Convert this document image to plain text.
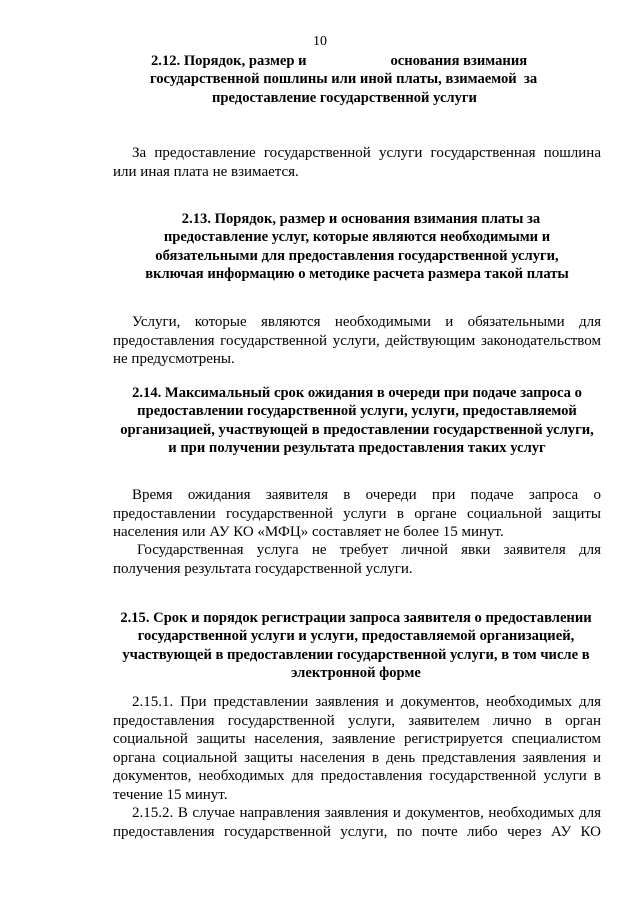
10
2.12. Порядок, размер и                       основания взимания
государственной пошлины или иной платы, взимаемой  за
предоставление государственной услуги
За предоставление государственной услуги государственная пошлина
или иная плата не взимается.
2.13. Порядок, размер и основания взимания платы за
предоставление услуг, которые являются необходимыми и
обязательными для предоставления государственной услуги,
включая информацию о методике расчета размера такой платы
Услуги, которые являются необходимыми и обязательными для
предоставления государственной услуги, действующим законодательством
не предусмотрены.
2.14. Максимальный срок ожидания в очереди при подаче запроса о
предоставлении государственной услуги, услуги, предоставляемой
организацией, участвующей в предоставлении государственной услуги,
и при получении результата предоставления таких услуг
Время ожидания заявителя в очереди при подаче запроса о
предоставлении государственной услуги в органе социальной защиты
населения или АУ КО «МФЦ» составляет не более 15 минут.
Государственная услуга не требует личной явки заявителя для
получения результата государственной услуги.
2.15. Срок и порядок регистрации запроса заявителя о предоставлении
государственной услуги и услуги, предоставляемой организацией,
участвующей в предоставлении государственной услуги, в том числе в
электронной форме
2.15.1. При представлении заявления и документов, необходимых для
предоставления государственной услуги, заявителем лично в орган
социальной защиты населения, заявление регистрируется специалистом
органа социальной защиты населения в день представления заявления и
документов, необходимых для предоставления государственной услуги в
течение 15 минут.
2.15.2. В случае направления заявления и документов, необходимых для
предоставления государственной услуги, по почте либо через АУ КО
